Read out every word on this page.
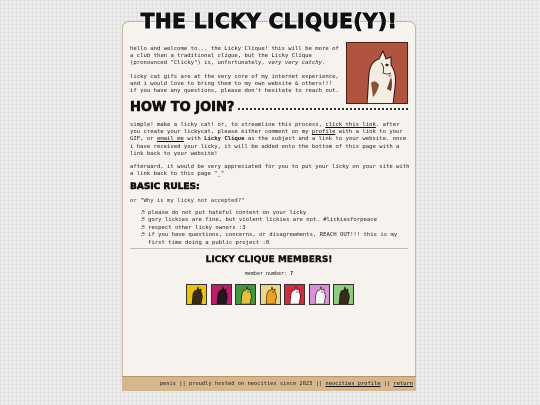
THE LICKY CLIQUE(Y)!

hello and welcome to... the Licky Clique! this will be more of a club than a traditional clique, but the Licky Clique (pronounced "Clicky") is, unfortunately, very very catchy.

licky cat gifs are at the very core of my internet experience, and i would love to bring them to my own website & others!!! if you have any questions, please don't hesitate to reach out.

HOW TO JOIN?
simple! make a licky cat! or, to streamline this process, click this link. after you create your lickycat, please either comment on my profile with a link to your GIF, or email me with Licky Clique as the subject and a link to your website. once i have received your licky, it will be added onto the bottom of this page with a link back to your website!
afterward, it would be very appreciated for you to put your licky on your site with a link back to this page ^_^
BASIC RULES:
or "Why is my licky not accepted?"
♬ please do not put hateful content on your licky
♬ gory lickies are fine, but violent lickies are not. #lickiesforpeace
♬ respect other licky owners :3
♬ if you have questions, concerns, or disagreements, REACH OUT!!! this is my first time doing a public project :0
LICKY CLIQUE MEMBERS!
member number: 7
penis || proudly hosted on neocities since 2023 || neocities profile || return
